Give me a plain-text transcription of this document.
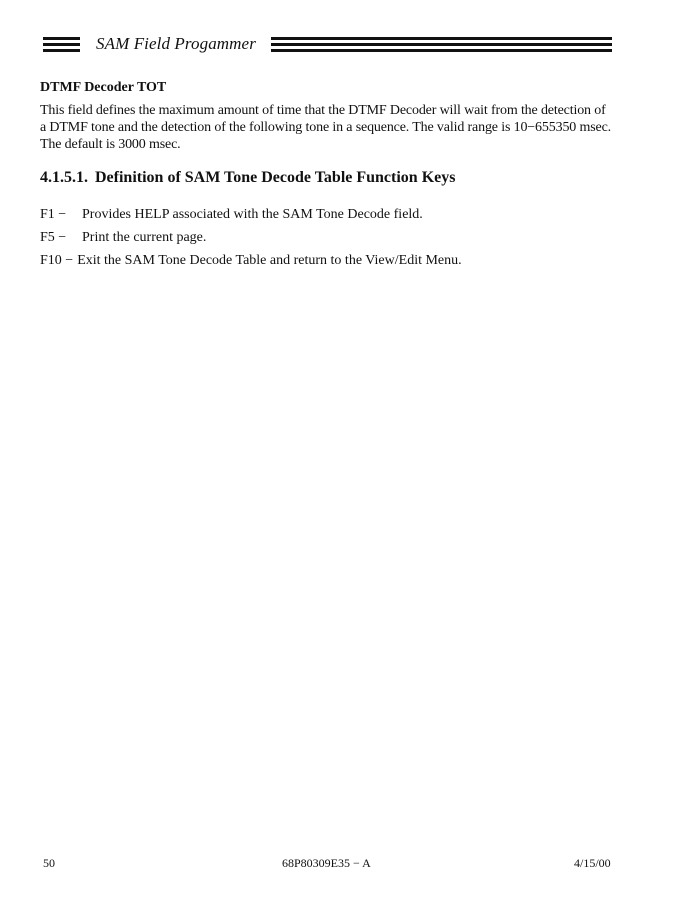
SAM Field Progammer
DTMF Decoder TOT

This field defines the maximum amount of time that the DTMF Decoder will wait from the detection of a DTMF tone and the detection of the following tone in a sequence. The valid range is 10−655350 msec. The default is 3000 msec.

4.1.5.1. Definition of SAM Tone Decode Table Function Keys
F1 − Provides HELP associated with the SAM Tone Decode field.
F5 − Print the current page.
F10 − Exit the SAM Tone Decode Table and return to the View/Edit Menu.
50	68P80309E35 − A	4/15/00
